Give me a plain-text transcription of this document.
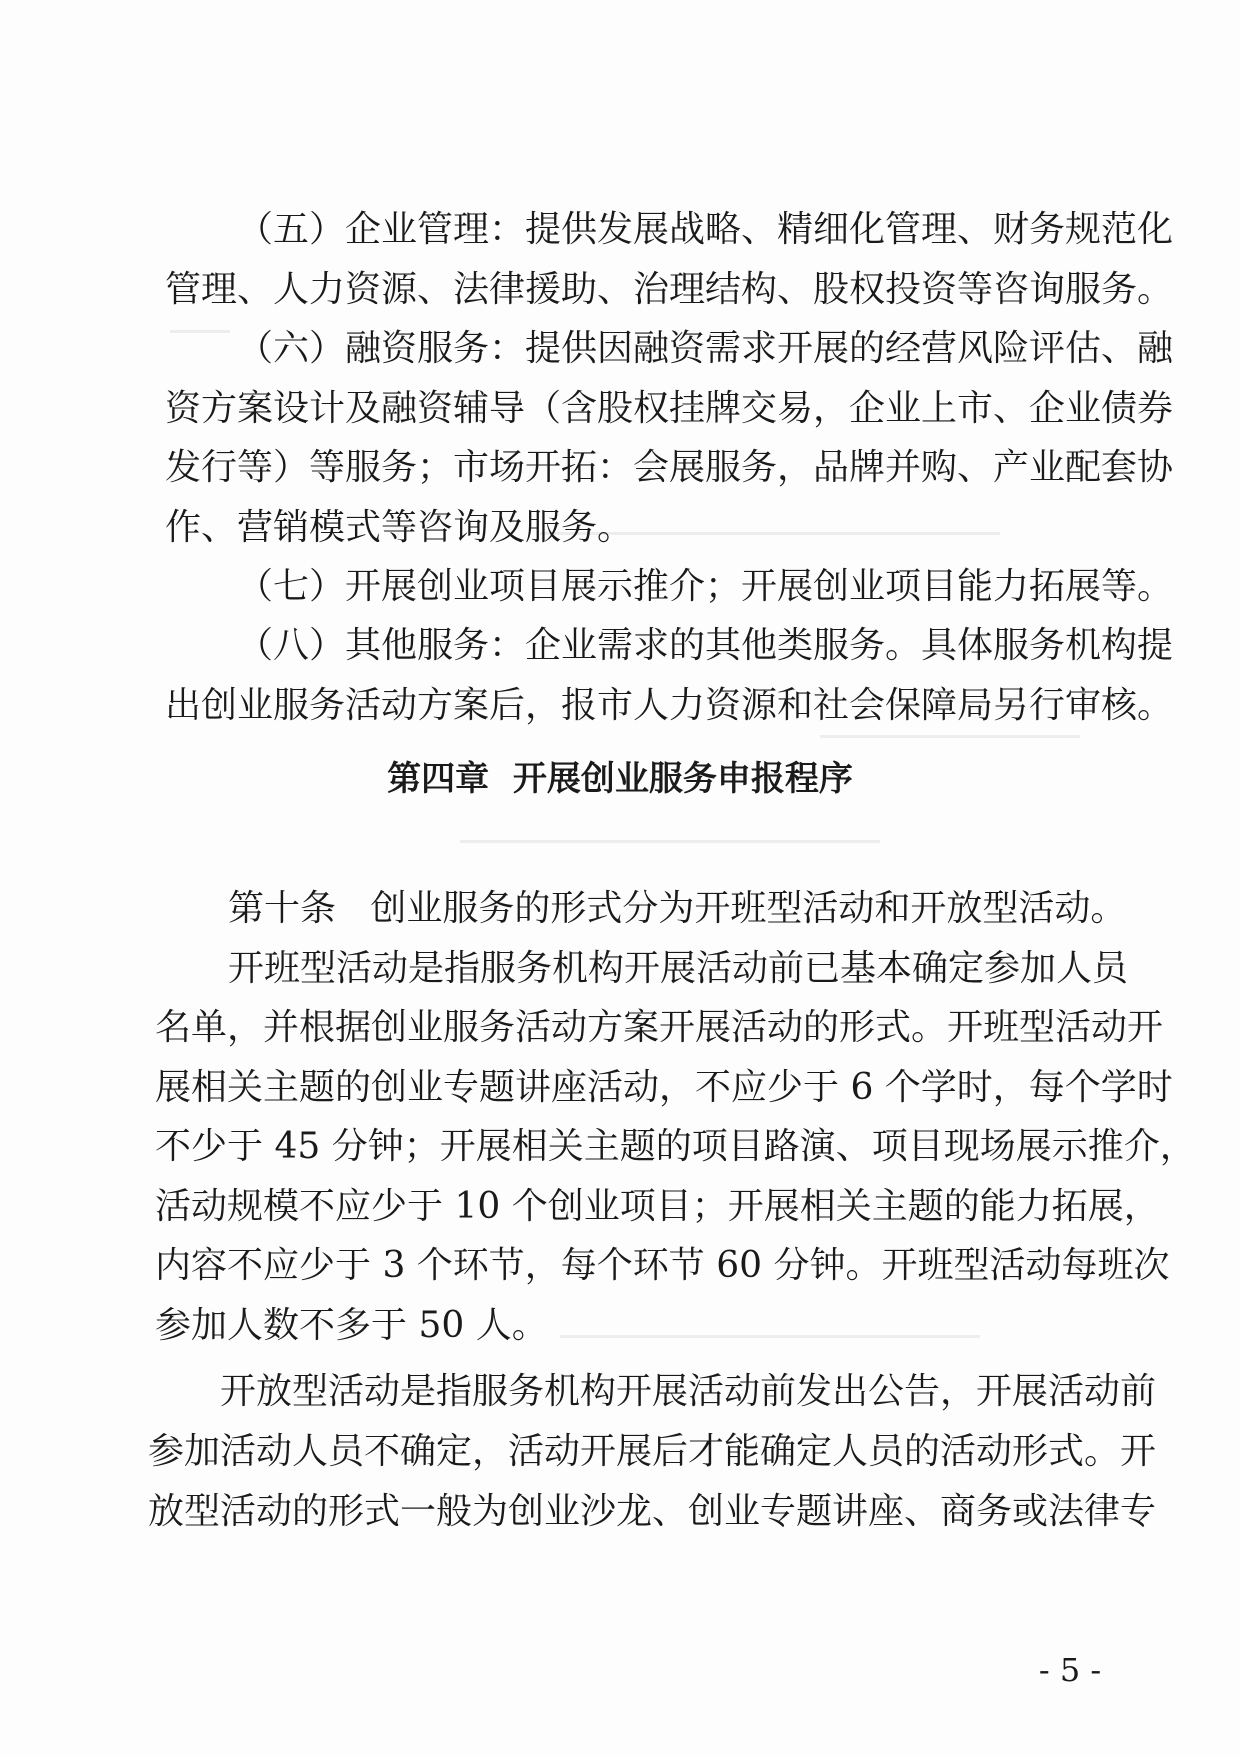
（五）企业管理：提供发展战略、精细化管理、财务规范化
管理、人力资源、法律援助、治理结构、股权投资等咨询服务。
（六）融资服务：提供因融资需求开展的经营风险评估、融
资方案设计及融资辅导（含股权挂牌交易，企业上市、企业债券
发行等）等服务；市场开拓：会展服务，品牌并购、产业配套协
作、营销模式等咨询及服务。
（七）开展创业项目展示推介；开展创业项目能力拓展等。
（八）其他服务：企业需求的其他类服务。具体服务机构提
出创业服务活动方案后，报市人力资源和社会保障局另行审核。
第四章  开展创业服务申报程序
第十条   创业服务的形式分为开班型活动和开放型活动。
开班型活动是指服务机构开展活动前已基本确定参加人员
名单，并根据创业服务活动方案开展活动的形式。开班型活动开
展相关主题的创业专题讲座活动，不应少于 6 个学时，每个学时
不少于 45 分钟；开展相关主题的项目路演、项目现场展示推介，
活动规模不应少于 10 个创业项目；开展相关主题的能力拓展，
内容不应少于 3 个环节，每个环节 60 分钟。开班型活动每班次
参加人数不多于 50 人。
开放型活动是指服务机构开展活动前发出公告，开展活动前
参加活动人员不确定，活动开展后才能确定人员的活动形式。开
放型活动的形式一般为创业沙龙、创业专题讲座、商务或法律专
- 5 -
